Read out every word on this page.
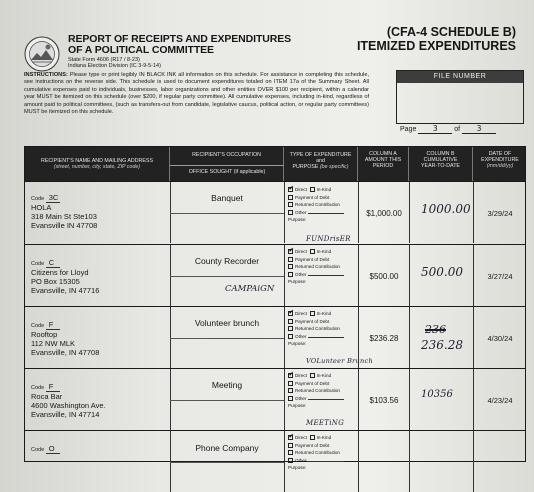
REPORT OF RECEIPTS AND EXPENDITURES
OF A POLITICAL COMMITTEE
State Form 4606 (R17 / 8-23)
Indiana Election Division (IC 3-9-5-14)
(CFA-4 SCHEDULE B)
ITEMIZED EXPENDITURES
INSTRUCTIONS: Please type or print legibly IN BLACK INK all information on this schedule. For assistance in completing this schedule, see instructions on the reverse side. This schedule is used to document expenditures totaled on ITEM 17a of the Summary Sheet. All cumulative expenses paid to individuals, businesses, labor organizations and other entities OVER $100 per recipient, within a calendar year MUST be itemized on this schedule (over $200, if regular party committee). All cumulative expenses, including in-kind, regardless of amount paid to political committees, (such as transfers-out from candidate, legislative caucus, political action, or regular party committees) MUST be itemized on this schedule.
FILE NUMBER
Page 3 of 3
RECIPIENT'S NAME AND MAILING ADDRESS
(street, number, city, state, ZIP code)
RECIPIENT'S OCCUPATION
OFFICE SOUGHT (if applicable)
TYPE OF EXPENDITURE
and
PURPOSE (be specific)
COLUMN A
AMOUNT THIS
PERIOD
COLUMN B
CUMULATIVE
YEAR-TO-DATE
DATE OF
EXPENDITURE
(mm/dd/yy)
Code 3C
HOLA
318 Main St Ste103
Evansville IN 47708
Banquet
✔Direct In-Kind
Payment of Debt
Returned Contribution
Other
Purpose:
FUNDrisER
$1,000.00	1000.00	3/29/24
Code C
Citizens for Lloyd
PO Box 15305
Evansville, IN 47716
County Recorder
CAMPAiGN
✔Direct In-Kind
Payment of Debt
Returned Contribution
Other
Purpose:
$500.00	500.00	3/27/24
Code F
Rooftop
112 NW MLK
Evansville, IN 47708
Volunteer brunch
✔Direct In-Kind
Payment of Debt
Returned Contribution
Other
Purpose:
VOLunteer Brunch
$236.28	236.28	4/30/24
236
Code F
Roca Bar
4600 Washington Ave.
Evansville, IN 47714
Meeting
✔Direct In-Kind
Payment of Debt
Returned Contribution
Other
Purpose:
MEETiNG
$103.56
10356
4/23/24
Code O	Phone Company
✔Direct In-Kind
Payment of Debt
Returned Contribution
Other
Purpose:
